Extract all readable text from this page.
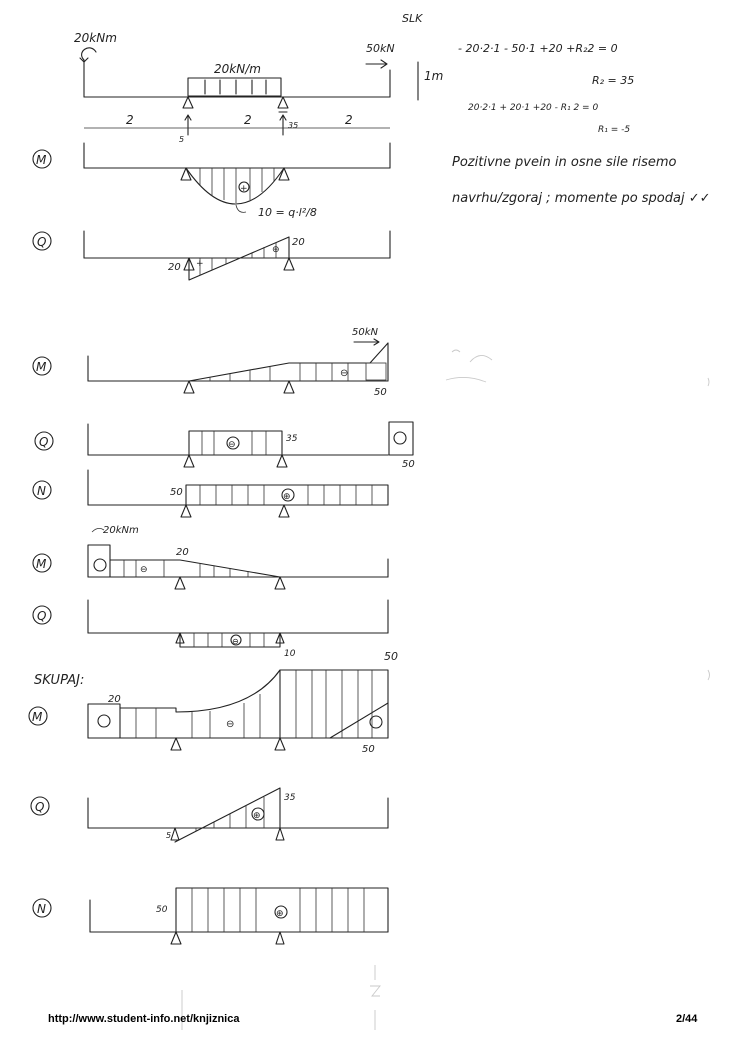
SLK
20kNm
20kN/m
50kN
1m
5
35
2	2	2
- 20·2·1 - 50·1 +20 +R₂2 = 0
R₂ = 35
20·2·1 + 20·1 +20 - R₁ 2 = 0
R₁ = -5
Pozitivne pvein in osne sile risemo
navrhu/zgoraj ; momente po spodaj ✓✓
M
+
10 = q·l²/8
Q
20
20
+
⊕
M	⊖
50kN
50
Q	⊖
35
50
N	⊕
50
M
20kNm
⊖
20
Q
⊖
10
SKUPAJ:
50
M
⊖
20
50
Q
⊕
5
35
N	⊕
50
http://www.student-info.net/knjiznica	2/44
